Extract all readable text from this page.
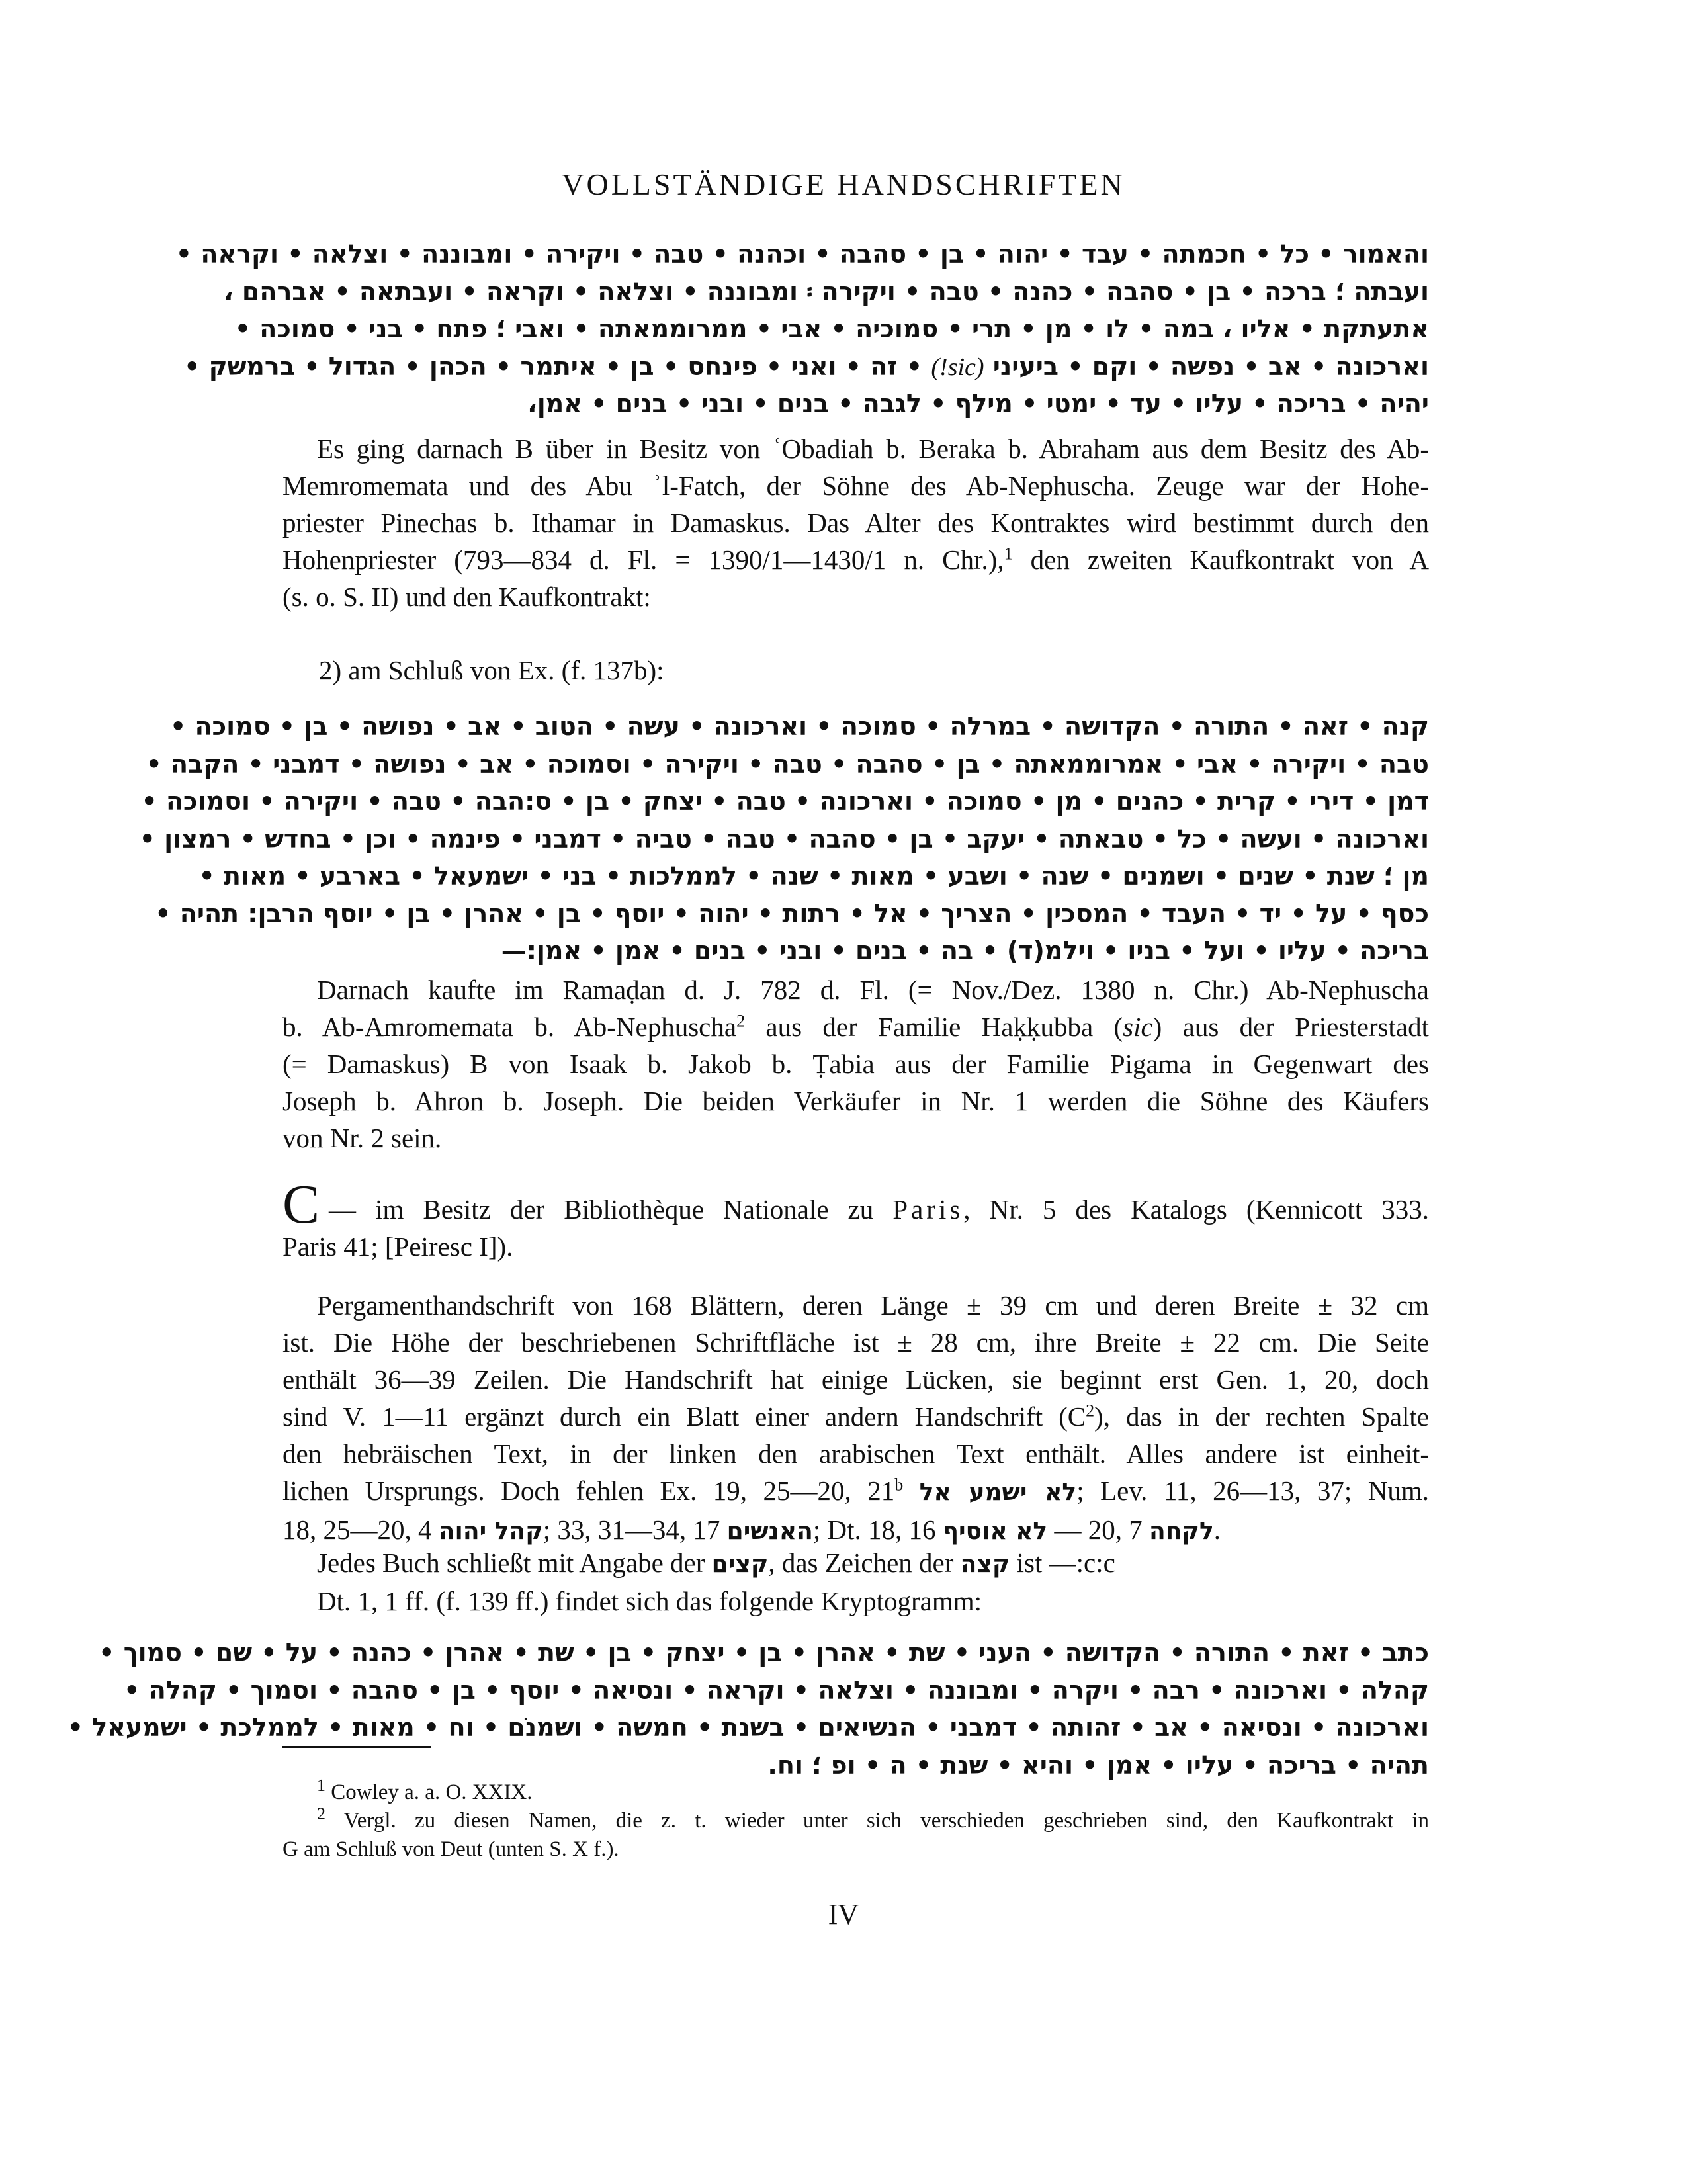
VOLLSTÄNDIGE HANDSCHRIFTEN
והאמור • כל • חכמתה • עבד • יהוה • בן • סהבה • וכהנה • טבה • ויקירה • ומבוננה • וצלאה • וקראה •
ועבתה ؛ ברכה • בן • סהבה • כהנה • טבה • ויקירה ፡ ומבוננה • וצלאה • וקראה • ועבתאה • אברהם ،
אתעתקת • אליו ، במה • לו • מן • תרי • סמוכיה • אבי • ממרוממאתה • ואבי ؛ פתח • בני • סמוכה •
וארכונה • אב • נפשה • וקם • ביעיני (sic!) • זה • ואני • פינחס • בן • איתמר • הכהן • הגדול • ברמשק •
יהיה • בריכה • עליו • עד • ימטי • מילף • לגבה • בנים • ובני • בנים • אמן،
Es ging darnach B über in Besitz von ʿObadiah b. Beraka b. Abraham aus dem Besitz des Ab-
Memromemata und des Abu ʾl-Fatch, der Söhne des Ab-Nephuscha. Zeuge war der Hohe-
priester Pinechas b. Ithamar in Damaskus. Das Alter des Kontraktes wird bestimmt durch den
Hohenpriester (793—834 d. Fl. = 1390/1—1430/1 n. Chr.),$^1$ den zweiten Kaufkontrakt von A
(s. o. S. II) und den Kaufkontrakt:
2) am Schluß von Ex. (f. 137b):
קנה • זאה • התורה • הקדושה • במרלה • סמוכה • וארכונה • עשה • הטוב • אב • נפושה • בן • סמוכה •
טבה • ויקירה • אבי • אמרוממאתה • בן • סהבה • טבה • ויקירה • וסמוכה • אב • נפושה • דמבני • הקבה •
דמן • דירי • קרית • כהנים • מן • סמוכה • וארכונה • טבה • יצחק • בן • ס:הבה • טבה • ויקירה • וסמוכה •
וארכונה • ועשה • כל • טבאתה • יעקב • בן • סהבה • טבה • טביה • דמבני • פינמה • וכן • בחדש • רמצון •
מן ؛ שנת • שנים • ושמנים • שנה • ושבע • מאות • שנה • לממלכות • בני • ישמעאל • בארבע • מאות •
כסף • על • יד • העבד • המסכין • הצריך • אל • רתות • יהוה • יוסף • בן • אהרן • בן • יוסף הרבן: תהיה •
בריכה • עליו • ועל • בניו • וילמ(ד) • בה • בנים • ובני • בנים • אמן • אמן:—
Darnach kaufte im Ramaḍan d. J. 782 d. Fl. (= Nov./Dez. 1380 n. Chr.) Ab-Nephuscha
b. Ab-Amromemata b. Ab-Nephuscha$^2$ aus der Familie Haḳḳubba (sic) aus der Priesterstadt
(= Damaskus) B von Isaak b. Jakob b. Ṭabia aus der Familie Pigama in Gegenwart des
Joseph b. Ahron b. Joseph. Die beiden Verkäufer in Nr. 1 werden die Söhne des Käufers
von Nr. 2 sein.
C — im Besitz der Bibliothèque Nationale zu Paris, Nr. 5 des Katalogs (Kennicott 333.
Paris 41; [Peiresc I]).
Pergamenthandschrift von 168 Blättern, deren Länge ± 39 cm und deren Breite ± 32 cm
ist. Die Höhe der beschriebenen Schriftfläche ist ± 28 cm, ihre Breite ± 22 cm. Die Seite
enthält 36—39 Zeilen. Die Handschrift hat einige Lücken, sie beginnt erst Gen. 1, 20, doch
sind V. 1—11 ergänzt durch ein Blatt einer andern Handschrift $(C^2)$, das in der rechten Spalte
den hebräischen Text, in der linken den arabischen Text enthält. Alles andere ist einheit-
lichen Ursprungs. Doch fehlen Ex. 19, 25—20, 21$^b$ לא ישמע אל; Lev. 11, 26—13, 37; Num.
18, 25—20, 4 קהל יהוה; 33, 31—34, 17 האנשים; Dt. 18, 16 לא אוסיף — 20, 7 לקחה.
Jedes Buch schließt mit Angabe der קצים, das Zeichen der קצה ist —:c:c
Dt. 1, 1 ff. (f. 139 ff.) findet sich das folgende Kryptogramm:
כתב • זאת • התורה • הקדושה • העני • שת • אהרן • בן • יצחק • בן • שת • אהרן • כהנה • על • שם • סמוך •
קהלה • וארכונה • רבה • ויקרה • ומבוננה • וצלאה • וקראה • ונסיאה • יוסף • בן • סהבה • וסמוך • קהלה •
וארכונה • ונסיאה • אב • זהותה • דמבני • הנשיאים • בשנת • חמשה • ושמנֹם • וח • מאות • לממלכת • ישמעאל •
תהיה • בריכה • עליו • אמן • והיא • שנת • ה • ופ ؛ וח.
$^1$ Cowley a. a. O. XXIX.
$^2$ Vergl. zu diesen Namen, die z. t. wieder unter sich verschieden geschrieben sind, den Kaufkontrakt in
G am Schluß von Deut (unten S. X f.).
IV
